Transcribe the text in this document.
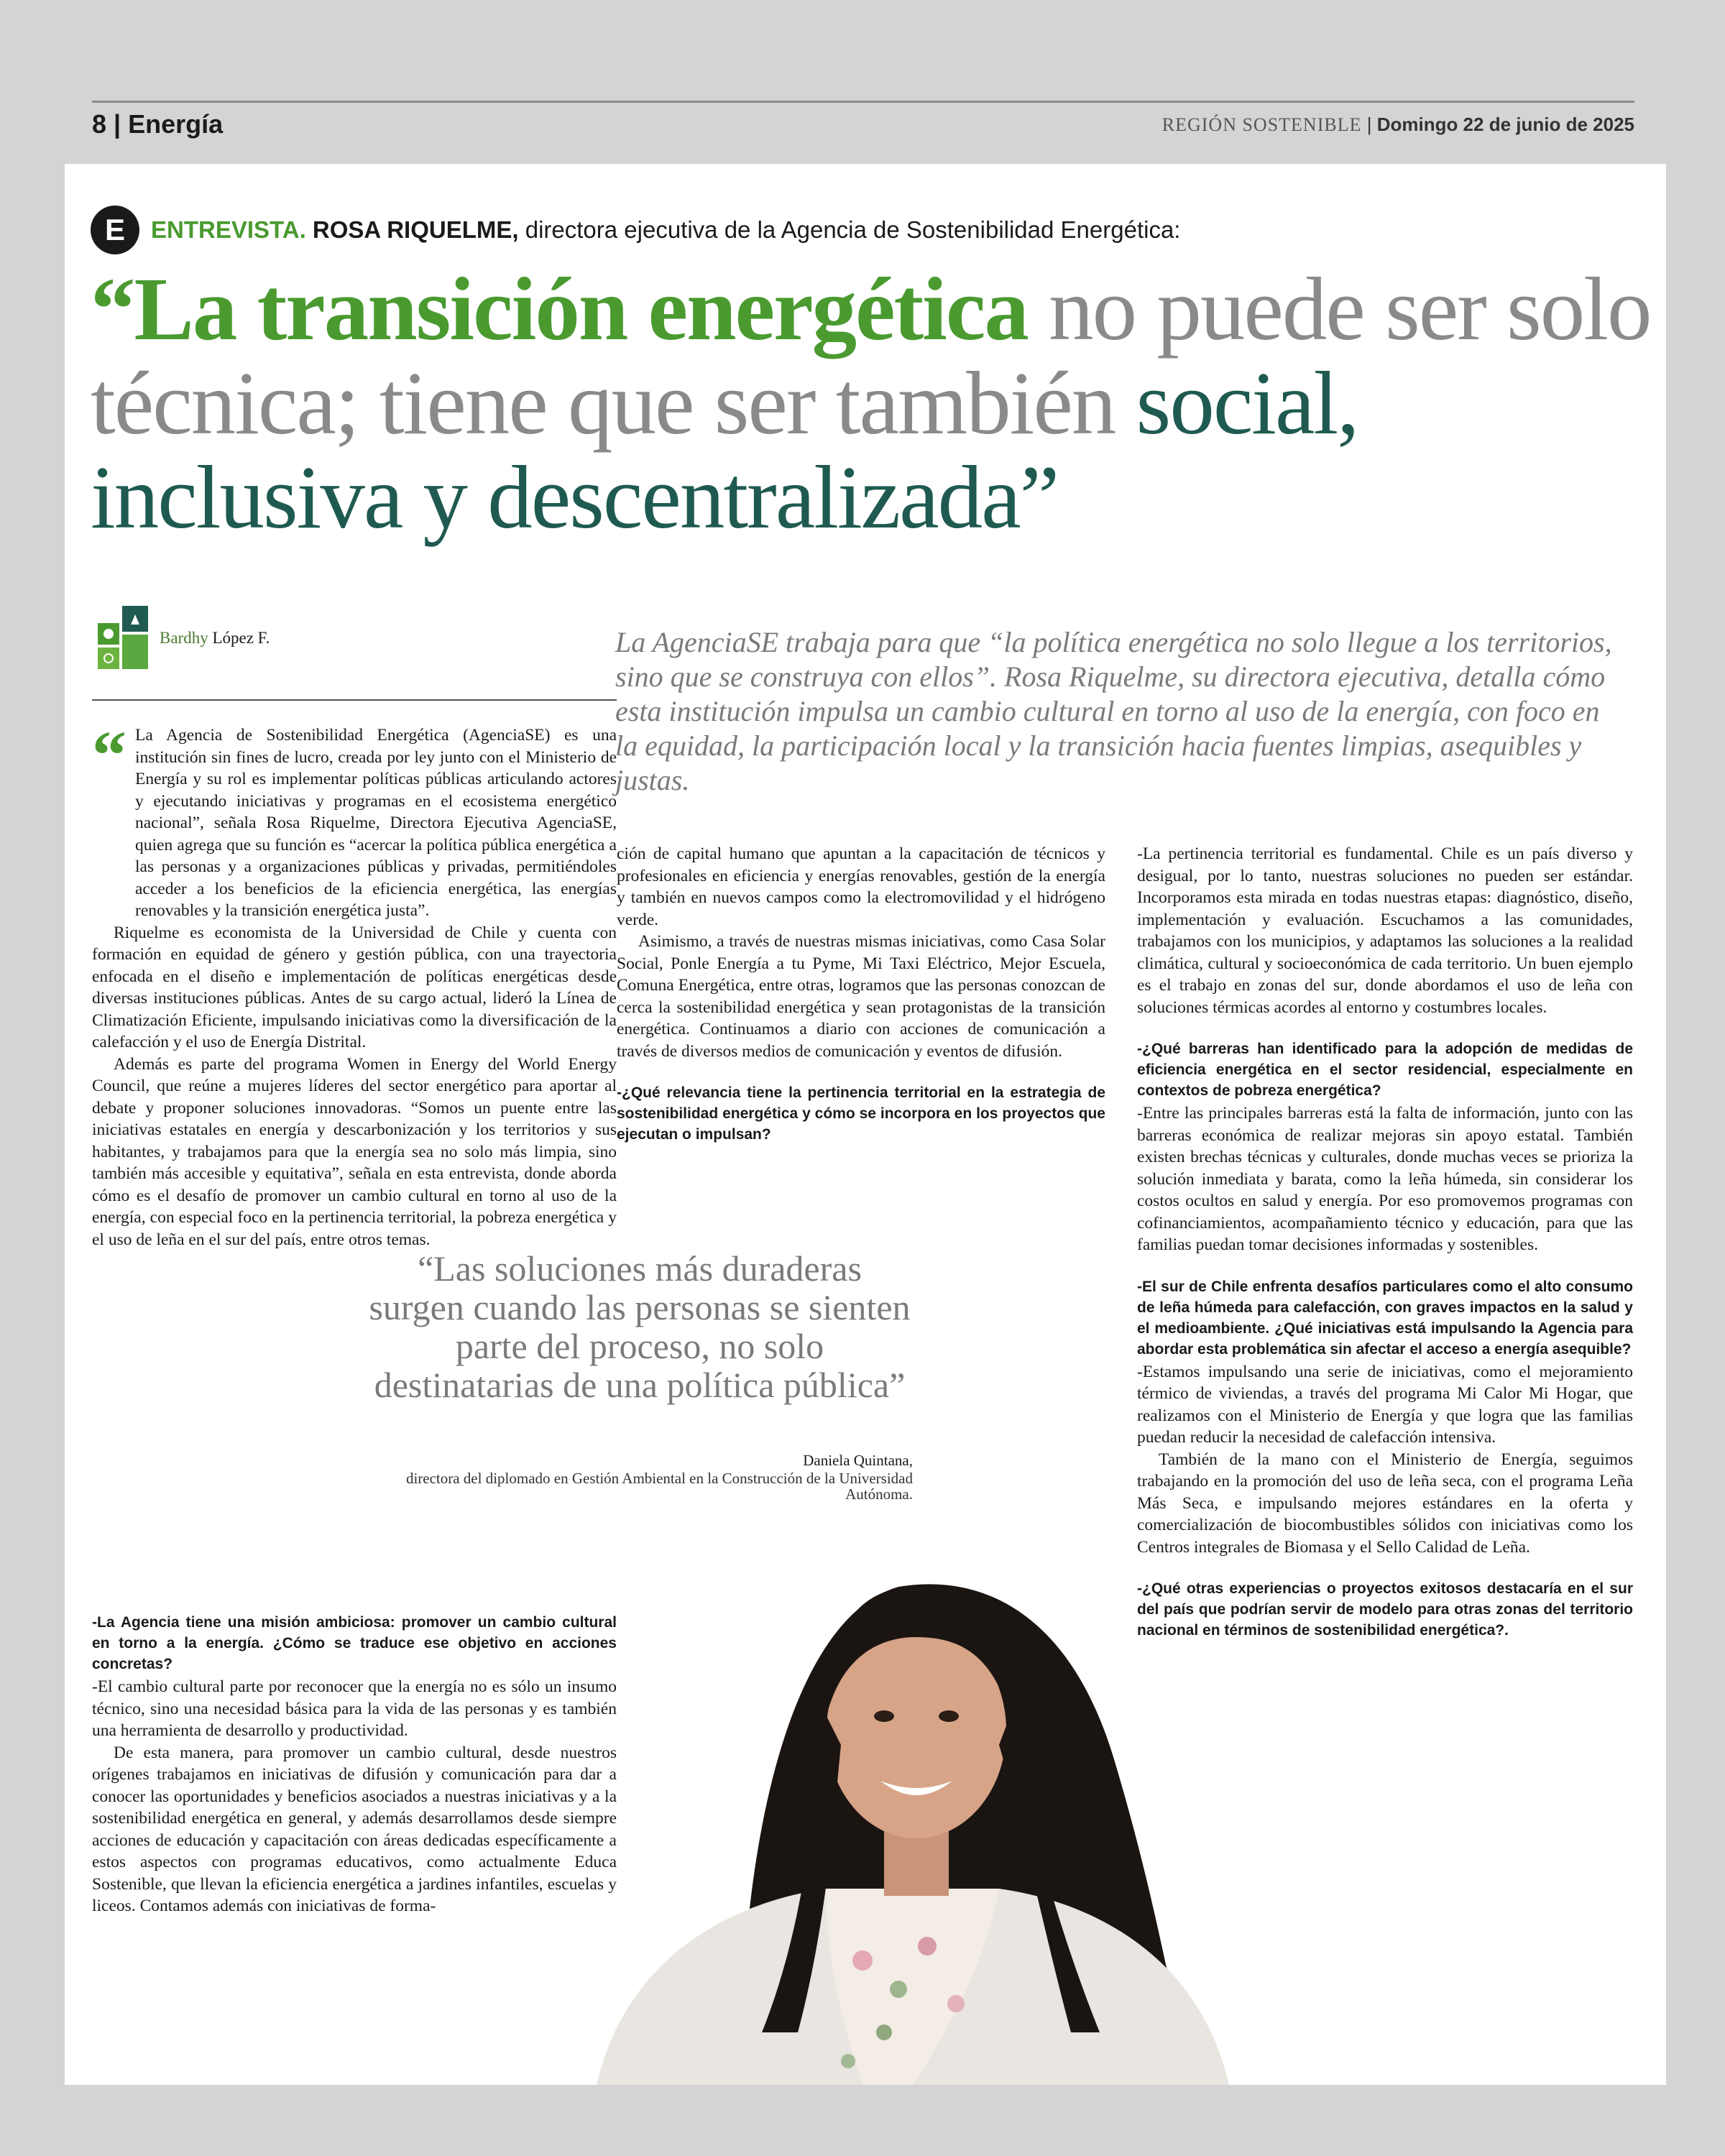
8 | Energía	REGIÓN SOSTENIBLE | Domingo 22 de junio de 2025
E	ENTREVISTA. ROSA RIQUELME, directora ejecutiva de la Agencia de Sostenibilidad Energética:
“La transición energética no puede ser solo técnica; tiene que ser también social, inclusiva y descentralizada”
Bardhy López F.	La AgenciaSE trabaja para que “la política energética no solo llegue a los territorios, sino que se construya con ellos”. Rosa Riquelme, su directora ejecutiva, detalla cómo esta institución impulsa un cambio cultural en torno al uso de la energía, con foco en la equidad, la participación local y la transición hacia fuentes limpias, asequibles y justas.

“ La Agencia de Sostenibilidad Energética (AgenciaSE) es una institución sin fines de lucro, creada por ley junto con el Ministerio de Energía y su rol es implementar políticas públicas articulando actores y ejecutando iniciativas y programas en el ecosistema energético nacional”, señala Rosa Riquelme, Directora Ejecutiva AgenciaSE, quien agrega que su función es “acercar la política pública energética a las personas y a organizaciones públicas y privadas, permitiéndoles acceder a los beneficios de la eficiencia energética, las energías renovables y la transición energética justa”.

Riquelme es economista de la Universidad de Chile y cuenta con formación en equidad de género y gestión pública, con una trayectoria enfocada en el diseño e implementación de políticas energéticas desde diversas instituciones públicas. Antes de su cargo actual, lideró la Línea de Climatización Eficiente, impulsando iniciativas como la diversificación de la calefacción y el uso de Energía Distrital.

Además es parte del programa Women in Energy del World Energy Council, que reúne a mujeres líderes del sector energético para aportar al debate y proponer soluciones innovadoras. “Somos un puente entre las iniciativas estatales en energía y descarbonización y los territorios y sus habitantes, y trabajamos para que la energía sea no solo más limpia, sino también más accesible y equitativa”, señala en esta entrevista, donde aborda cómo es el desafío de promover un cambio cultural en torno al uso de la energía, con especial foco en la pertinencia territorial, la pobreza energética y el uso de leña en el sur del país, entre otros temas.

-La Agencia tiene una misión ambiciosa: promover un cambio cultural en torno a la energía. ¿Cómo se traduce ese objetivo en acciones concretas?

-El cambio cultural parte por reconocer que la energía no es sólo un insumo técnico, sino una necesidad básica para la vida de las personas y es también una herramienta de desarrollo y productividad.

De esta manera, para promover un cambio cultural, desde nuestros orígenes trabajamos en iniciativas de difusión y comunicación para dar a conocer las oportunidades y beneficios asociados a nuestras iniciativas y a la sostenibilidad energética en general, y además desarrollamos desde siempre acciones de educación y capacitación con áreas dedicadas específicamente a estos aspectos con programas educativos, como actualmente Educa Sostenible, que llevan la eficiencia energética a jardines infantiles, escuelas y liceos. Contamos además con iniciativas de forma-

ción de capital humano que apuntan a la capacitación de técnicos y profesionales en eficiencia y energías renovables, gestión de la energía y también en nuevos campos como la electromovilidad y el hidrógeno verde.

Asimismo, a través de nuestras mismas iniciativas, como Casa Solar Social, Ponle Energía a tu Pyme, Mi Taxi Eléctrico, Mejor Escuela, Comuna Energética, entre otras, logramos que las personas conozcan de cerca la sostenibilidad energética y sean protagonistas de la transición energética. Continuamos a diario con acciones de comunicación a través de diversos medios de comunicación y eventos de difusión.

-¿Qué relevancia tiene la pertinencia territorial en la estrategia de sostenibilidad energética y cómo se incorpora en los proyectos que ejecutan o impulsan?

-La pertinencia territorial es fundamental. Chile es un país diverso y desigual, por lo tanto, nuestras soluciones no pueden ser estándar. Incorporamos esta mirada en todas nuestras etapas: diagnóstico, diseño, implementación y evaluación. Escuchamos a las comunidades, trabajamos con los municipios, y adaptamos las soluciones a la realidad climática, cultural y socioeconómica de cada territorio. Un buen ejemplo es el trabajo en zonas del sur, donde abordamos el uso de leña con soluciones térmicas acordes al entorno y costumbres locales.

-¿Qué barreras han identificado para la adopción de medidas de eficiencia energética en el sector residencial, especialmente en contextos de pobreza energética?

-Entre las principales barreras está la falta de información, junto con las barreras económica de realizar mejoras sin apoyo estatal. También existen brechas técnicas y culturales, donde muchas veces se prioriza la solución inmediata y barata, como la leña húmeda, sin considerar los costos ocultos en salud y energía. Por eso promovemos programas con cofinanciamientos, acompañamiento técnico y educación, para que las familias puedan tomar decisiones informadas y sostenibles.

-El sur de Chile enfrenta desafíos particulares como el alto consumo de leña húmeda para calefacción, con graves impactos en la salud y el medioambiente. ¿Qué iniciativas está impulsando la Agencia para abordar esta problemática sin afectar el acceso a energía asequible?

-Estamos impulsando una serie de iniciativas, como el mejoramiento térmico de viviendas, a través del programa Mi Calor Mi Hogar, que realizamos con el Ministerio de Energía y que logra que las familias puedan reducir la necesidad de calefacción intensiva.

También de la mano con el Ministerio de Energía, seguimos trabajando en la promoción del uso de leña seca, con el programa Leña Más Seca, e impulsando mejores estándares en la oferta y comercialización de biocombustibles sólidos con iniciativas como los Centros integrales de Biomasa y el Sello Calidad de Leña.

-¿Qué otras experiencias o proyectos exitosos destacaría en el sur del país que podrían servir de modelo para otras zonas del territorio nacional en términos de sostenibilidad energética?.

“Las soluciones más duraderas surgen cuando las personas se sienten parte del proceso, no solo destinatarias de una política pública”

Daniela Quintana,
directora del diplomado en Gestión Ambiental en la Construcción de la Universidad Autónoma.
